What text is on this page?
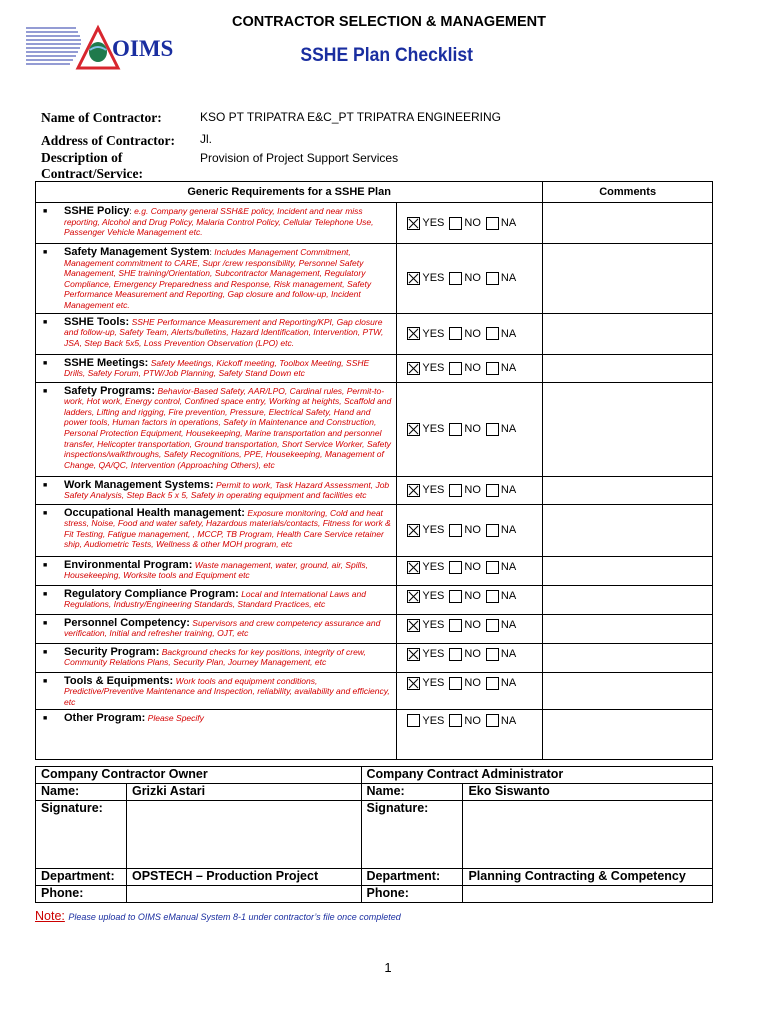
OIMS
CONTRACTOR SELECTION & MANAGEMENT
SSHE Plan Checklist
Name of Contractor:	KSO PT TRIPATRA E&C_PT TRIPATRA ENGINEERING
Address of Contractor: Jl.
Description of
Contract/Service:
Provision of Project Support Services
Generic Requirements for a SSHE Plan		Comments

■ SSHE Policy: e.g. Company general SSH&E policy, Incident and near miss reporting, Alcohol and Drug Policy, Malaria Control Policy, Cellular Telephone Use, Passenger Vehicle Management etc.	YES NO NA	

■ Safety Management System: Includes Management Commitment, Management commitment to CARE, Supr /crew responsibility, Personnel Safety Management, SHE training/Orientation, Subcontractor Management, Regulatory Compliance, Emergency Preparedness and Response, Risk management, Safety Performance Measurement and Reporting, Gap closure and follow-up, Incident Management etc.	YES NO NA	

■ SSHE Tools: SSHE Performance Measurement and Reporting/KPI, Gap closure and follow-up, Safety Team, Alerts/bulletins, Hazard Identification, Intervention, PTW, JSA, Step Back 5x5, Loss Prevention Observation (LPO) etc.	YES NO NA	

■ SSHE Meetings: Safety Meetings, Kickoff meeting, Toolbox Meeting, SSHE Drills, Safety Forum, PTW/Job Planning, Safety Stand Down etc	YES NO NA	

■ Safety Programs: Behavior-Based Safety, AAR/LPO, Cardinal rules, Permit-to-work, Hot work, Energy control, Confined space entry, Working at heights, Scaffold and ladders, Lifting and rigging, Fire prevention, Pressure, Electrical Safety, Hand and power tools, Human factors in operations, Safety in Maintenance and Construction, Personal Protection Equipment, Housekeeping, Marine transportation and personnel transfer, Helicopter transportation, Ground transportation, Short Service Worker, Safety inspections/walkthroughs, Safety Recognitions, PPE, Housekeeping, Management of Change, QA/QC, Intervention (Approaching Others), etc	YES NO NA	

■ Work Management Systems: Permit to work, Task Hazard Assessment, Job Safety Analysis, Step Back 5 x 5, Safety in operating equipment and facilities etc	YES NO NA	

■ Occupational Health management: Exposure monitoring, Cold and heat stress, Noise, Food and water safety, Hazardous materials/contacts, Fitness for work & Fit Testing, Fatigue management, , MCCP, TB Program, Health Care Service retainer ship, Audiometric Tests, Wellness & other MOH program, etc	YES NO NA	

■ Environmental Program: Waste management, water, ground, air, Spills, Housekeeping, Worksite tools and Equipment etc	YES NO NA	

■ Regulatory Compliance Program: Local and International Laws and Regulations, Industry/Engineering Standards, Standard Practices, etc	YES NO NA	

■ Personnel Competency: Supervisors and crew competency assurance and verification, Initial and refresher training, OJT, etc	YES NO NA	

■ Security Program: Background checks for key positions, integrity of crew, Community Relations Plans, Security Plan, Journey Management, etc	YES NO NA	

■ Tools & Equipments: Work tools and equipment conditions, Predictive/Preventive Maintenance and Inspection, reliability, availability and efficiency, etc	YES NO NA	

■ Other Program: Please Specify	YES NO NA	
Company Contractor Owner		Company Contract Administrator	
Name:	Grizki Astari	Name:	Eko Siswanto
Signature:		Signature:	
Department:	OPSTECH – Production Project	Department:	Planning Contracting & Competency
Phone:		Phone:	
Note: Please upload to OIMS eManual System 8-1 under contractor’s file once completed
1
